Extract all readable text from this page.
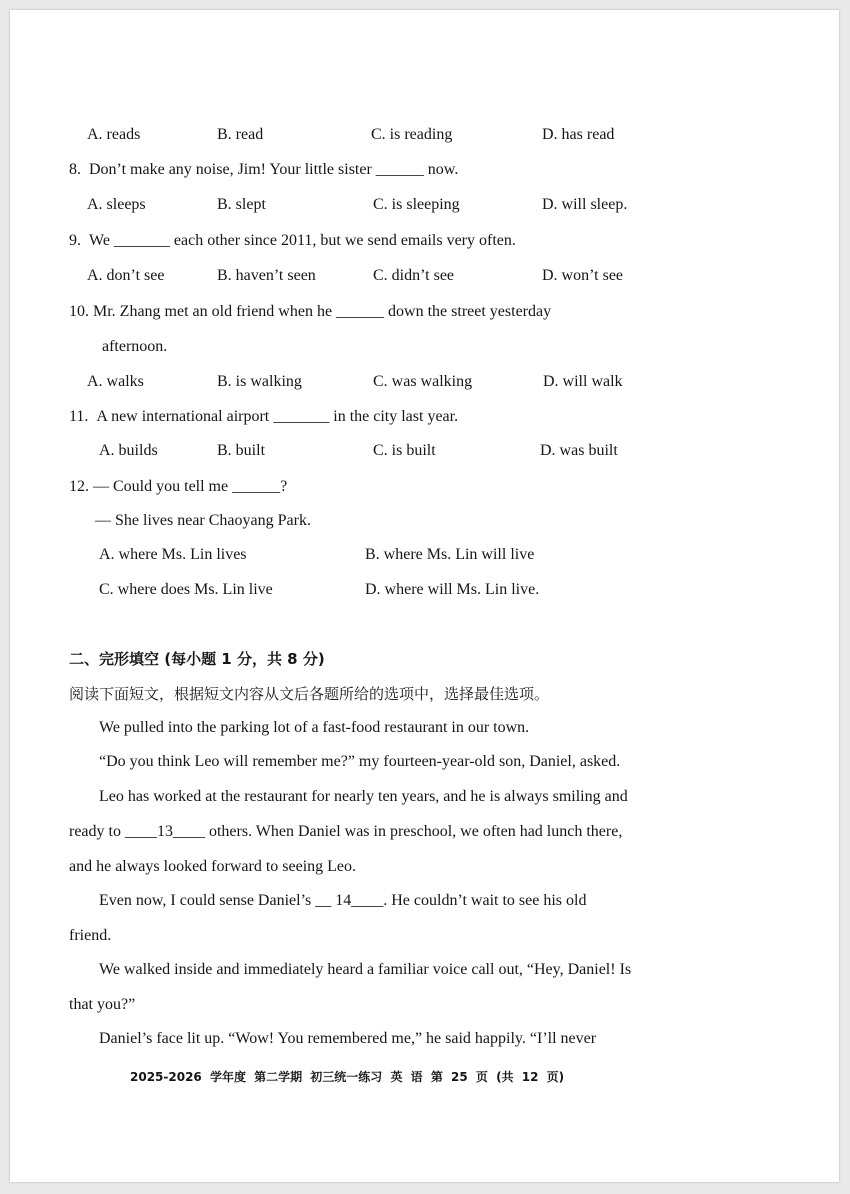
A. reads	B. read	C. is reading	D. has read
8.  Don’t make any noise, Jim! Your little sister ______ now.
A. sleeps	B. slept	C. is sleeping	D. will sleep.
9.  We _______ each other since 2011, but we send emails very often.
A. don’t see	B. haven’t seen	C. didn’t see	D. won’t see
10. Mr. Zhang met an old friend when he ______ down the street yesterday
afternoon.
A. walks	B. is walking	C. was walking	D. will walk
11.  A new international airport _______ in the city last year.
A. builds	B. built	C. is built	D. was built
12. — Could you tell me ______?
— She lives near Chaoyang Park.
A. where Ms. Lin lives	B. where Ms. Lin will live
C. where does Ms. Lin live	D. where will Ms. Lin live.
二、完形填空 (每小题 1 分，共 8 分)
阅读下面短文，根据短文内容从文后各题所给的选项中，选择最佳选项。
We pulled into the parking lot of a fast-food restaurant in our town.
“Do you think Leo will remember me?” my fourteen-year-old son, Daniel, asked.
Leo has worked at the restaurant for nearly ten years, and he is always smiling and
ready to ____13____ others. When Daniel was in preschool, we often had lunch there,
and he always looked forward to seeing Leo.
Even now, I could sense Daniel’s __ 14____. He couldn’t wait to see his old
friend.
We walked inside and immediately heard a familiar voice call out, “Hey, Daniel! Is
that you?”
Daniel’s face lit up. “Wow! You remembered me,” he said happily. “I’ll never
2025-2026 学年度 第二学期 初三统一练习 英 语 第 25 页 (共 12 页)
